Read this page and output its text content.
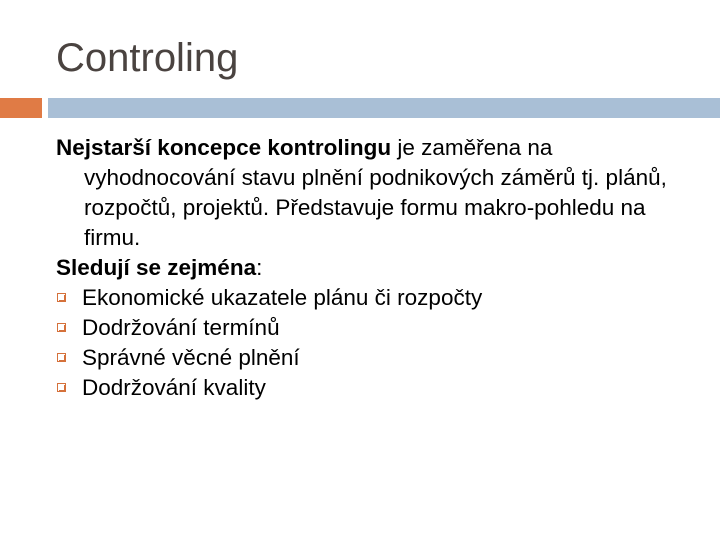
Controling

Nejstarší koncepce kontrolingu je zaměřena na vyhodnocování stavu plnění podnikových záměrů tj. plánů, rozpočtů, projektů. Představuje formu makro-pohledu na firmu.

Sledují se zejména:

Ekonomické ukazatele plánu či rozpočty
Dodržování termínů
Správné věcné plnění
Dodržování kvality
